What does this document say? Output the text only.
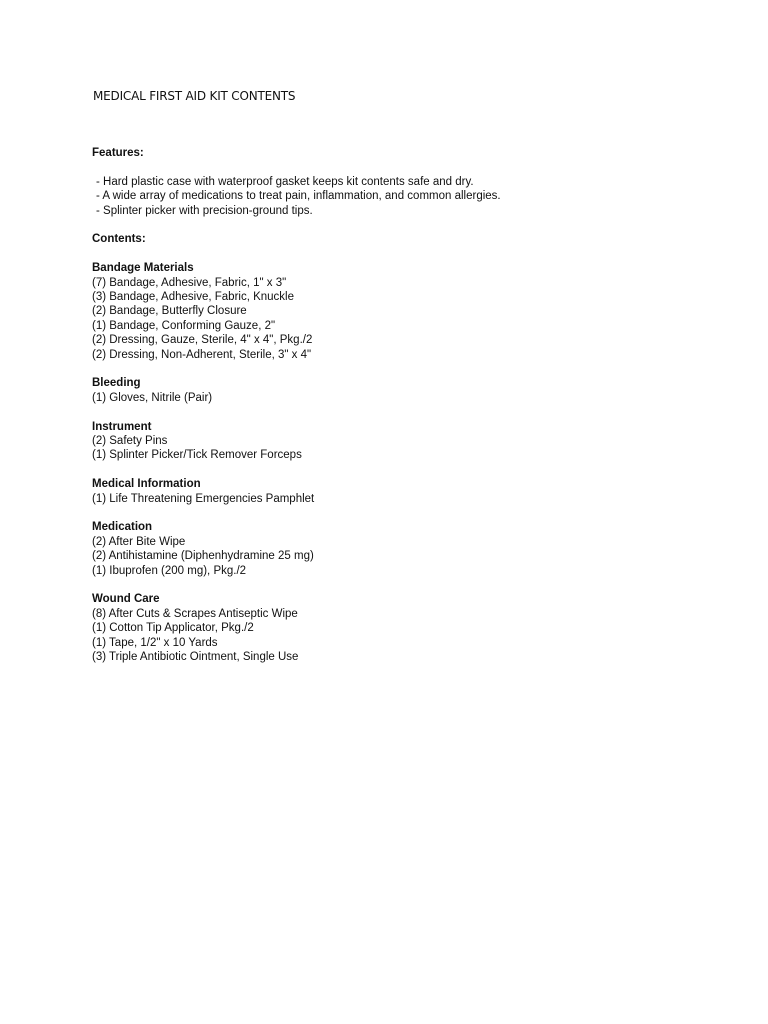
MEDICAL FIRST AID KIT CONTENTS

Features:

- Hard plastic case with waterproof gasket keeps kit contents safe and dry.
- A wide array of medications to treat pain, inflammation, and common allergies.
- Splinter picker with precision-ground tips.

Contents:

Bandage Materials
(7) Bandage, Adhesive, Fabric, 1" x 3"
(3) Bandage, Adhesive, Fabric, Knuckle
(2) Bandage, Butterfly Closure
(1) Bandage, Conforming Gauze, 2"
(2) Dressing, Gauze, Sterile, 4" x 4", Pkg./2
(2) Dressing, Non-Adherent, Sterile, 3" x 4"
Bleeding
(1) Gloves, Nitrile (Pair)
Instrument
(2) Safety Pins
(1) Splinter Picker/Tick Remover Forceps
Medical Information
(1) Life Threatening Emergencies Pamphlet
Medication
(2) After Bite Wipe
(2) Antihistamine (Diphenhydramine 25 mg)
(1) Ibuprofen (200 mg), Pkg./2
Wound Care
(8) After Cuts & Scrapes Antiseptic Wipe
(1) Cotton Tip Applicator, Pkg./2
(1) Tape, 1/2" x 10 Yards
(3) Triple Antibiotic Ointment, Single Use
